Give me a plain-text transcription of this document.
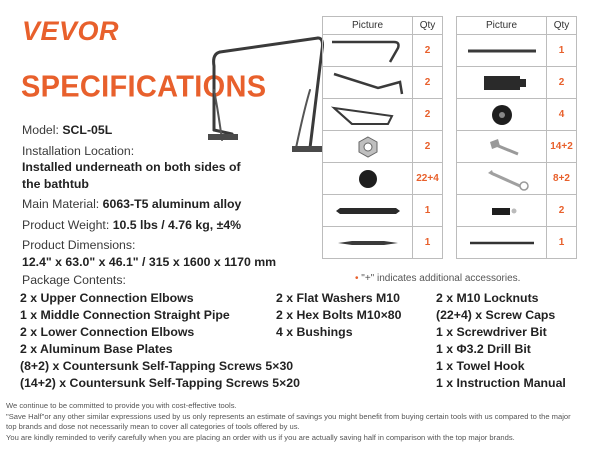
VEVOR
SPECIFICATIONS
Model: SCL-05L
Installation Location:
Installed underneath on both sides of
the bathtub
Main Material: 6063-T5 aluminum alloy
Product Weight: 10.5 lbs / 4.76 kg, ±4%
Product Dimensions:
12.4" x 63.0" x 46.1" / 315 x 1600 x 1170 mm
Picture	Qty

	2

	2

	2

	2

	22+4

	1

	1
Picture	Qty

	1

	2

	4

	14+2

	8+2

	2

	1
• "+" indicates additional accessories.
Package Contents:
2 x Upper Connection Elbows
1 x Middle Connection Straight Pipe
2 x Lower Connection Elbows
2 x Aluminum Base Plates
(8+2) x Countersunk Self-Tapping Screws 5×30
(14+2) x Countersunk Self-Tapping Screws 5×20
2 x Flat Washers M10
2 x Hex Bolts M10×80
4 x Bushings
2 x M10 Locknuts
(22+4) x Screw Caps
1 x Screwdriver Bit
1 x Φ3.2 Drill Bit
1 x Towel Hook
1 x Instruction Manual
We continue to be committed to provide you with cost-effective tools.
"Save Half"or any other similar expressions used by us only represents an estimate of savings you might benefit from buying certain tools with us compared to the major
top brands and dose not necessarily mean to cover all categories of tools offered by us.
You are kindly reminded to verify carefully when you are placing an order with us if you are actually saving half in comparison with the top major brands.
